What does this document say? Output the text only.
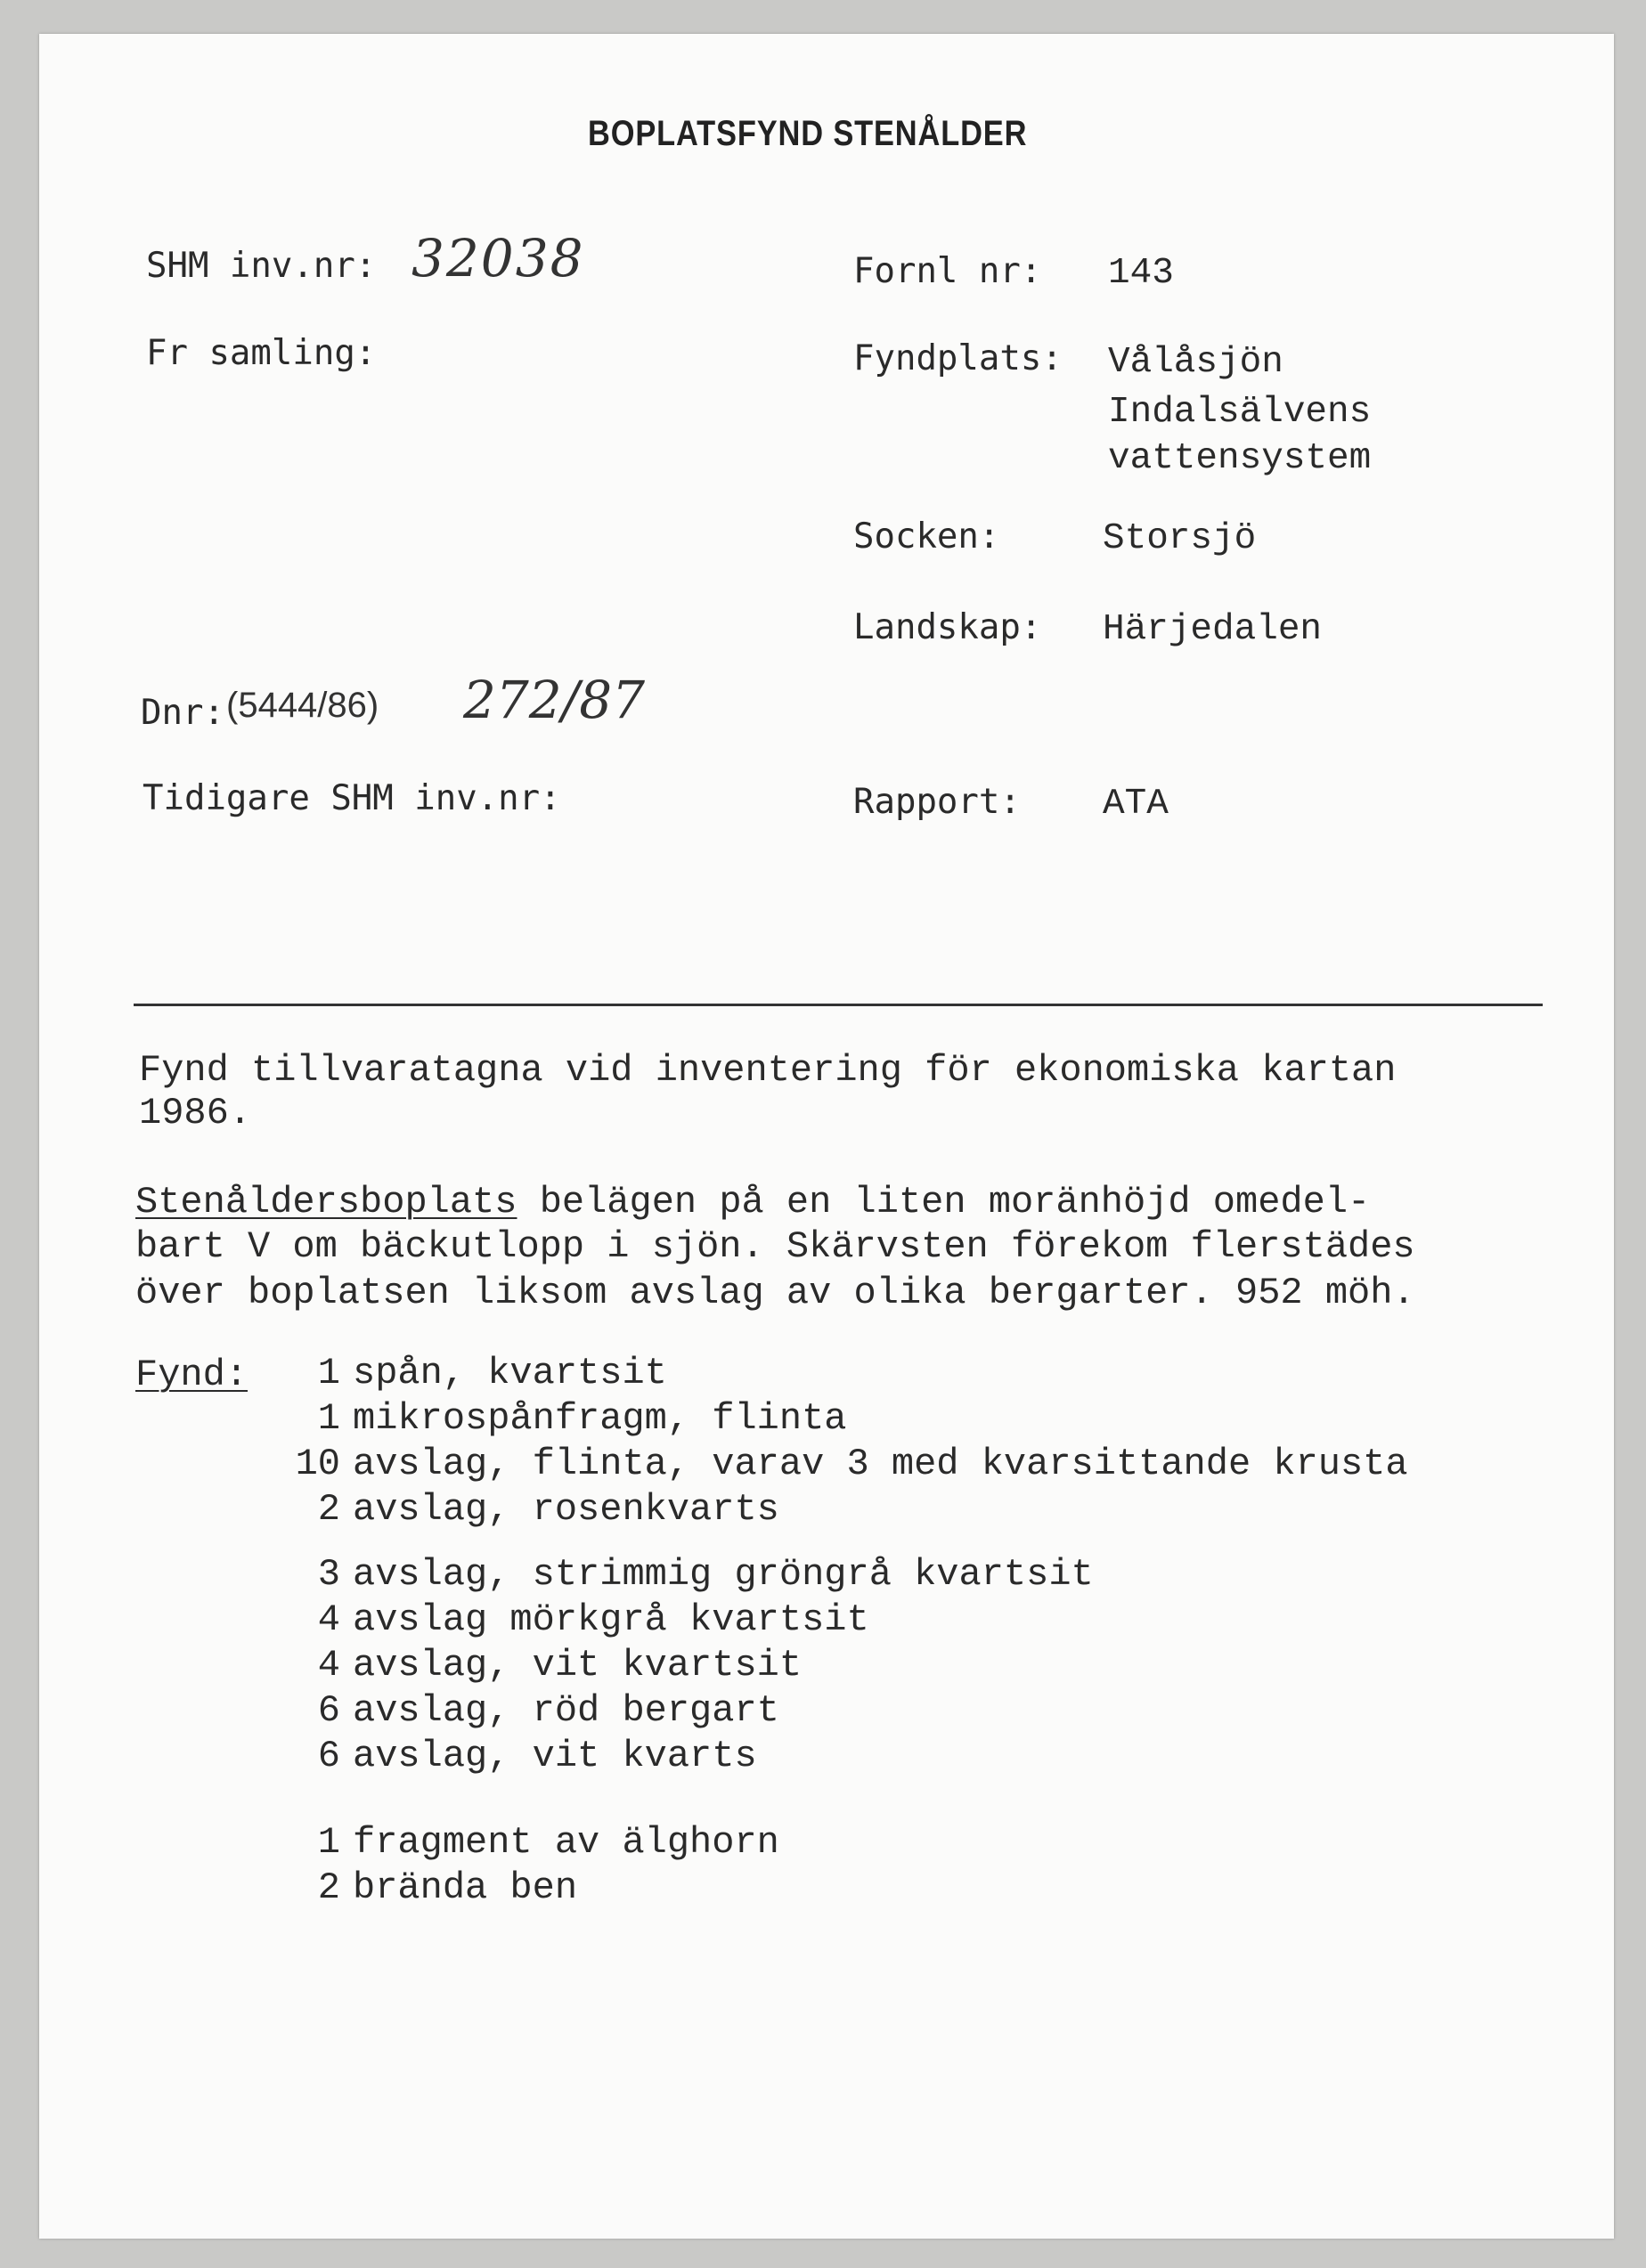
BOPLATSFYND STENÅLDER
SHM inv.nr: 32038
Fr samling:
Dnr: (5444/86) 272/87
Tidigare SHM inv.nr:
Fornl nr: 143
Fyndplats: Vålåsjön
Indalsälvens
vattensystem
Socken:	Storsjö
Landskap: Härjedalen
Rapport: ATA
Fynd tillvaratagna vid inventering för ekonomiska kartan
1986.
Stenåldersboplats belägen på en liten moränhöjd omedel-
bart V om bäckutlopp i sjön. Skärvsten förekom flerstädes
över boplatsen liksom avslag av olika bergarter. 952 möh.
Fynd:	1 spån, kvartsit
1 mikrospånfragm, flinta
10 avslag, flinta, varav 3 med kvarsittande krusta
2 avslag, rosenkvarts
3 avslag, strimmig gröngrå kvartsit
4 avslag mörkgrå kvartsit
4 avslag, vit kvartsit
6 avslag, röd bergart
6 avslag, vit kvarts
1 fragment av älghorn
2 brända ben
